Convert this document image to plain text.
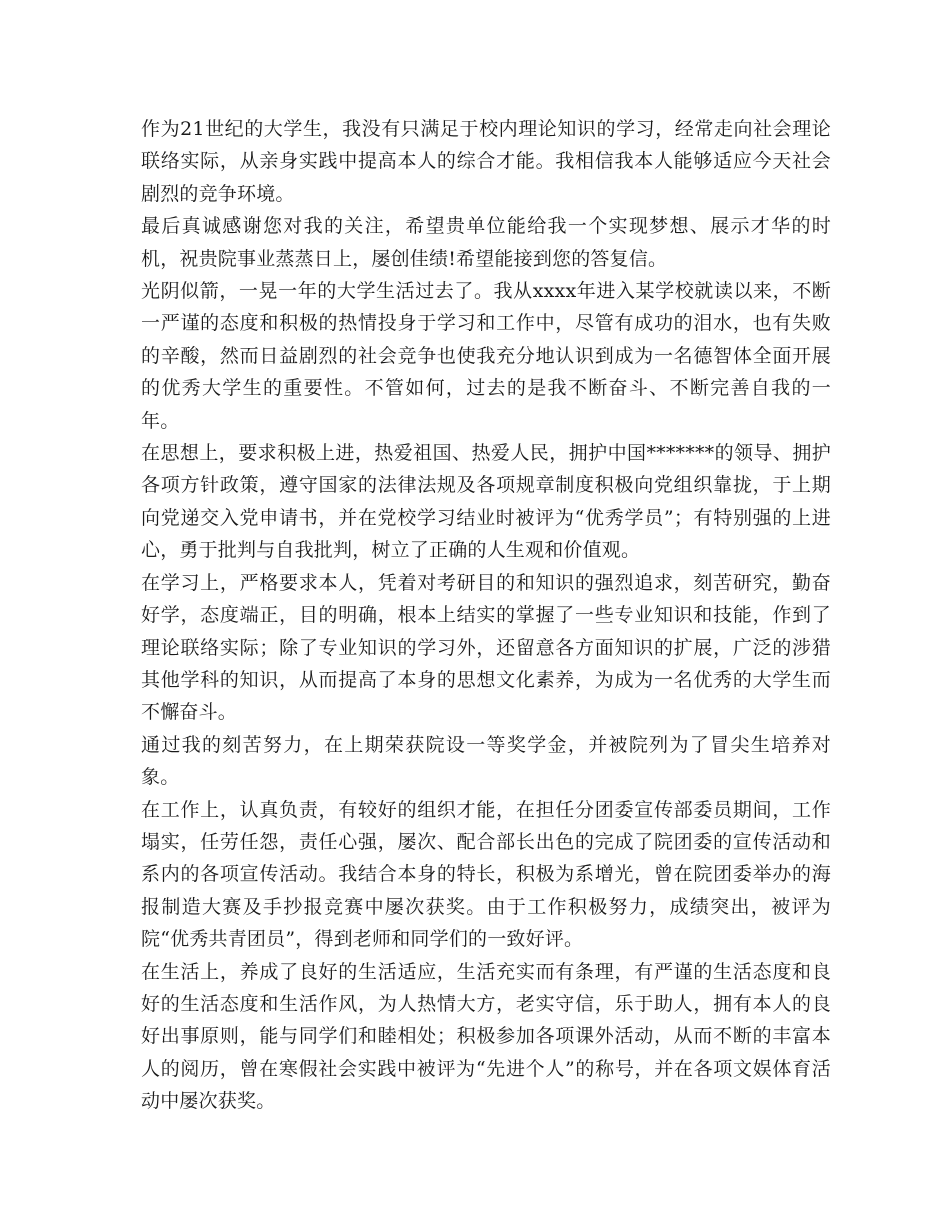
作为21世纪的大学生，我没有只满足于校内理论知识的学习，经常走向社会理论联络实际，从亲身实践中提高本人的综合才能。我相信我本人能够适应今天社会剧烈的竞争环境。

最后真诚感谢您对我的关注，希望贵单位能给我一个实现梦想、展示才华的时机，祝贵院事业蒸蒸日上，屡创佳绩!希望能接到您的答复信。

光阴似箭，一晃一年的大学生活过去了。我从xxxx年进入某学校就读以来，不断一严谨的态度和积极的热情投身于学习和工作中，尽管有成功的泪水，也有失败的辛酸，然而日益剧烈的社会竞争也使我充分地认识到成为一名德智体全面开展的优秀大学生的重要性。不管如何，过去的是我不断奋斗、不断完善自我的一年。

在思想上，要求积极上进，热爱祖国、热爱人民，拥护中国*******的领导、拥护各项方针政策，遵守国家的法律法规及各项规章制度积极向党组织靠拢，于上期向党递交入党申请书，并在党校学习结业时被评为“优秀学员”；有特别强的上进心，勇于批判与自我批判，树立了正确的人生观和价值观。

在学习上，严格要求本人，凭着对考研目的和知识的强烈追求，刻苦研究，勤奋好学，态度端正，目的明确，根本上结实的掌握了一些专业知识和技能，作到了理论联络实际；除了专业知识的学习外，还留意各方面知识的扩展，广泛的涉猎其他学科的知识，从而提高了本身的思想文化素养，为成为一名优秀的大学生而不懈奋斗。

通过我的刻苦努力，在上期荣获院设一等奖学金，并被院列为了冒尖生培养对象。

在工作上，认真负责，有较好的组织才能，在担任分团委宣传部委员期间，工作塌实，任劳任怨，责任心强，屡次、配合部长出色的完成了院团委的宣传活动和系内的各项宣传活动。我结合本身的特长，积极为系增光，曾在院团委举办的海报制造大赛及手抄报竞赛中屡次获奖。由于工作积极努力，成绩突出，被评为院“优秀共青团员”，得到老师和同学们的一致好评。

在生活上，养成了良好的生活适应，生活充实而有条理，有严谨的生活态度和良好的生活态度和生活作风，为人热情大方，老实守信，乐于助人，拥有本人的良好出事原则，能与同学们和睦相处；积极参加各项课外活动，从而不断的丰富本人的阅历，曾在寒假社会实践中被评为“先进个人”的称号，并在各项文娱体育活动中屡次获奖。
